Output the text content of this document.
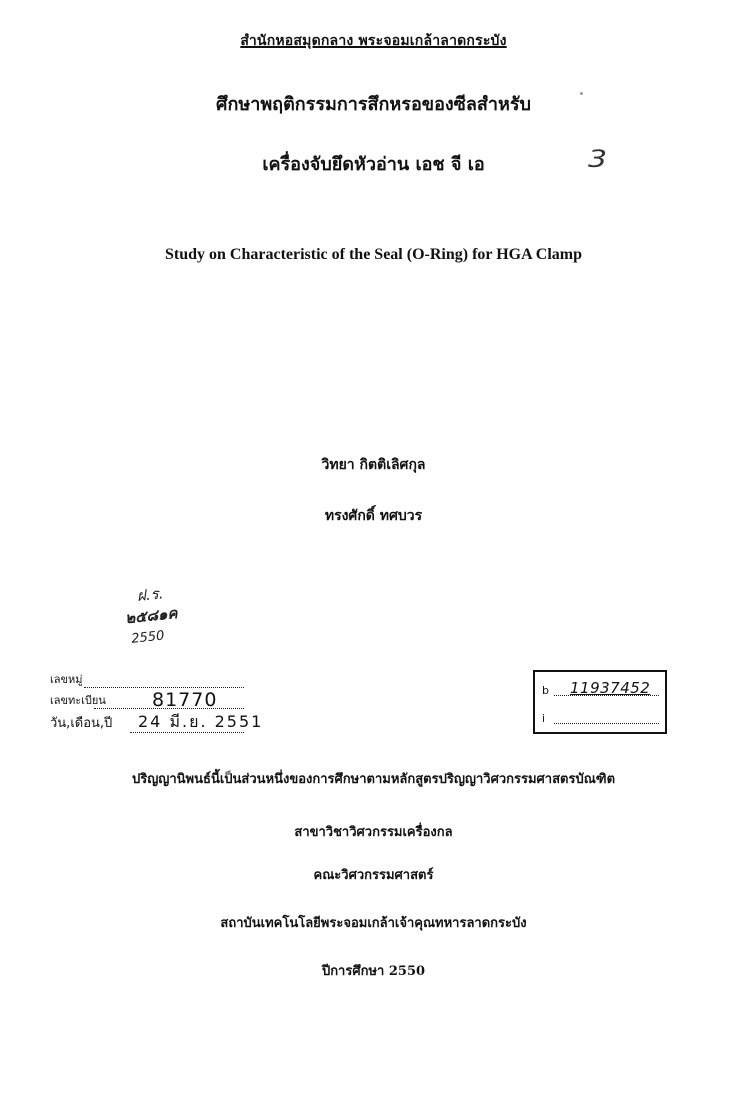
สำนักหอสมุดกลาง พระจอมเกล้าลาดกระบัง
ศึกษาพฤติกรรมการสึกหรอของซีลสำหรับ
เครื่องจับยึดหัวอ่าน เอช จี เอ	3
Study on Characteristic of the Seal (O-Ring) for HGA Clamp
วิทยา กิตติเลิศกุล
ทรงศักดิ์ ทศบวร
ฝ.ร.
๒๕๘๑ค
2550
เลขหมู่
เลขทะเบียน 81770
วัน,เดือน,ปี 24 มี.ย. 2551
b 11937452
i
ปริญญานิพนธ์นี้เป็นส่วนหนึ่งของการศึกษาตามหลักสูตรปริญญาวิศวกรรมศาสตรบัณฑิต
สาขาวิชาวิศวกรรมเครื่องกล
คณะวิศวกรรมศาสตร์
สถาบันเทคโนโลยีพระจอมเกล้าเจ้าคุณทหารลาดกระบัง
ปีการศึกษา 2550
